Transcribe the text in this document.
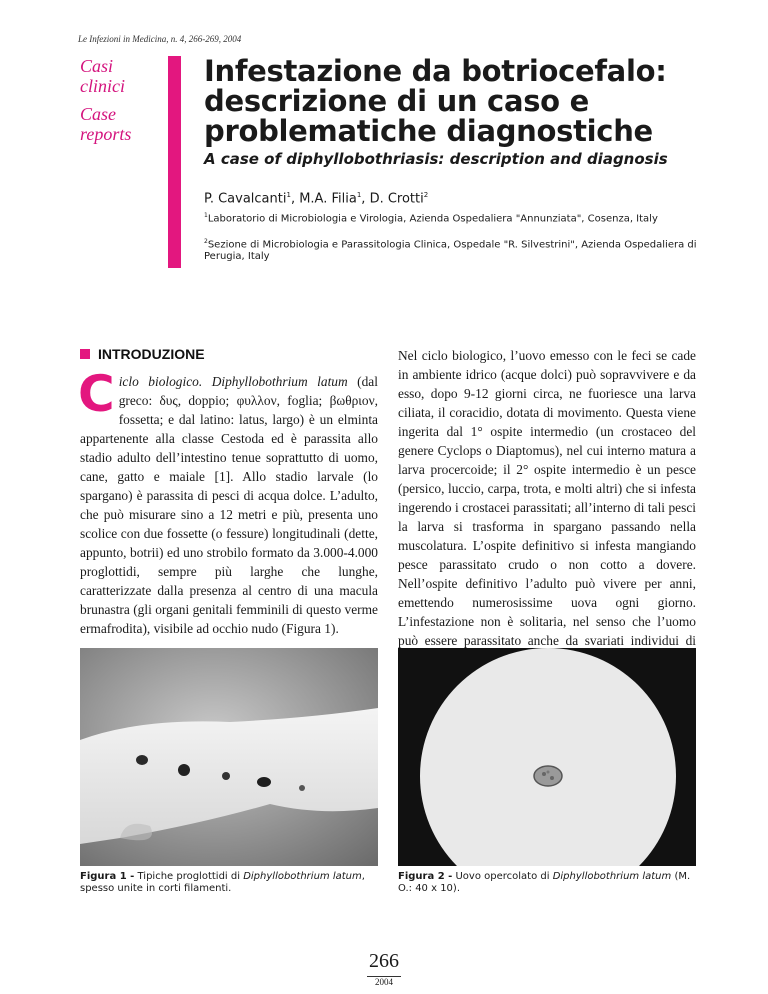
Le Infezioni in Medicina, n. 4, 266-269, 2004
Casi clinici
Case reports
Infestazione da botriocefalo: descrizione di un caso e problematiche diagnostiche
A case of diphyllobothriasis: description and diagnosis
P. Cavalcanti$^1$, M.A. Filia$^1$, D. Crotti$^2$
$^1$Laboratorio di Microbiologia e Virologia, Azienda Ospedaliera "Annunziata", Cosenza, Italy
$^2$Sezione di Microbiologia e Parassitologia Clinica, Ospedale "R. Silvestrini", Azienda Ospedaliera di Perugia, Italy
INTRODUZIONE

Ciclo biologico. Diphyllobothrium latum (dal greco: δυς, doppio; φυλλον, foglia; βωθριον, fossetta; e dal latino: latus, largo) è un elminta appartenente alla classe Cestoda ed è parassita allo stadio adulto dell’intestino tenue soprattutto di uomo, cane, gatto e maiale [1]. Allo stadio larvale (lo spargano) è parassita di pesci di acqua dolce. L’adulto, che può misurare sino a 12 metri e più, presenta uno scolice con due fossette (o fessure) longitudinali (dette, appunto, botrii) ed uno strobilo formato da 3.000-4.000 proglottidi, sempre più larghe che lunghe, caratterizzate dalla presenza al centro di una macula brunastra (gli organi genitali femminili di questo verme ermafrodita), visibile ad occhio nudo (Figura 1).

Nel ciclo biologico, l’uovo emesso con le feci se cade in ambiente idrico (acque dolci) può sopravvivere e da esso, dopo 9-12 giorni circa, ne fuoriesce una larva ciliata, il coracidio, dotata di movimento. Questa viene ingerita dal 1° ospite intermedio (un crostaceo del genere Cyclops o Diaptomus), nel cui interno matura a larva procercoide; il 2° ospite intermedio è un pesce (persico, luccio, carpa, trota, e molti altri) che si infesta ingerendo i crostacei parassitati; all’interno di tali pesci la larva si trasforma in spargano passando nella muscolatura. L’ospite definitivo si infesta mangiando pesce parassitato crudo o non cotto a dovere. Nell’ospite definitivo l’adulto può vivere per anni, emettendo numerosissime uova ogni giorno. L’infestazione non è solitaria, nel senso che l’uomo può essere parassitato anche da svariati individui di

Figura 1 - Tipiche proglottidi di Diphyllobothrium latum, spesso unite in corti filamenti.
Figura 2 - Uovo opercolato di Diphyllobothrium latum (M. O.: 40 x 10).
266
2004
